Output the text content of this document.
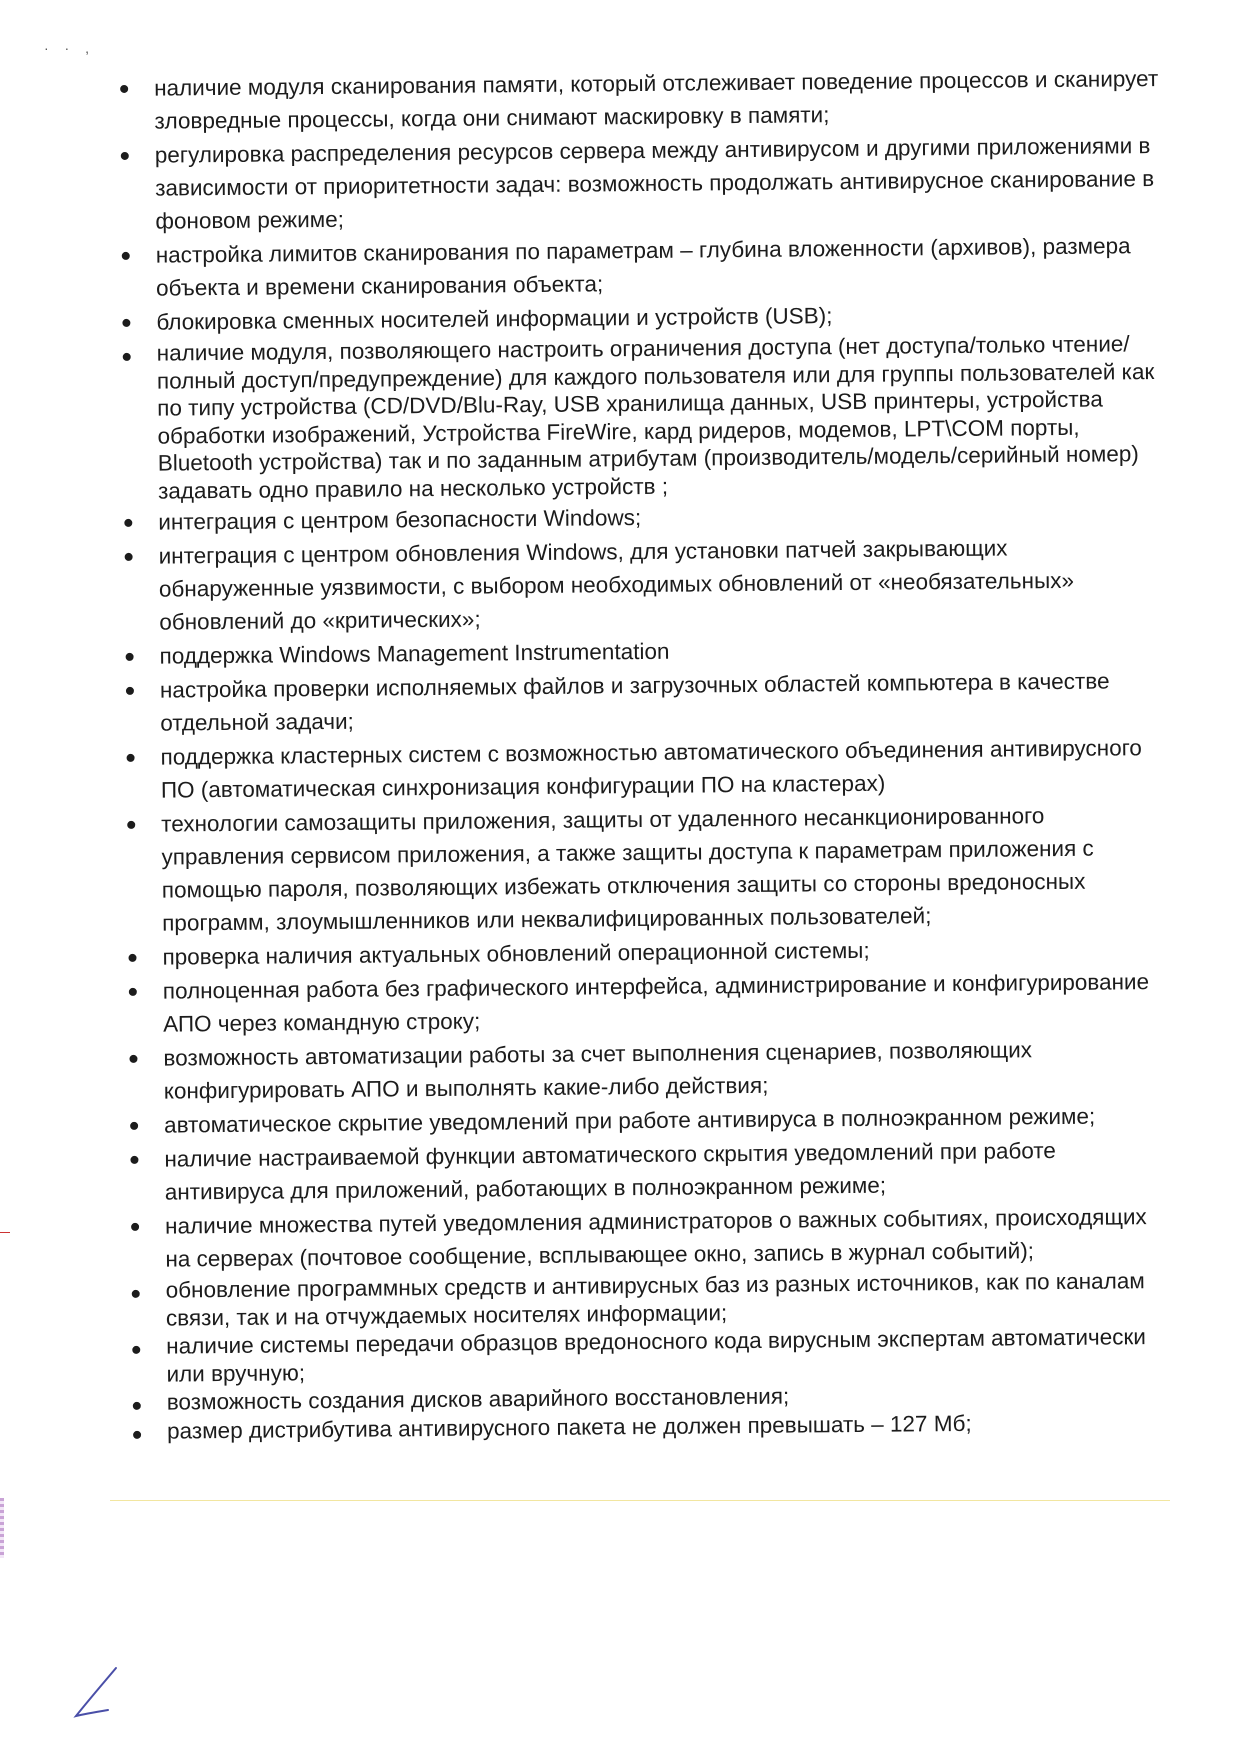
· · ,
наличие модуля сканирования памяти, который отслеживает поведение процессов и сканирует зловредные процессы, когда они снимают маскировку в памяти;
регулировка распределения ресурсов сервера между антивирусом и другими приложениями в зависимости от приоритетности задач: возможность продолжать антивирусное сканирование в фоновом режиме;
настройка лимитов сканирования по параметрам – глубина вложенности (архивов), размера объекта и времени сканирования объекта;
блокировка сменных носителей информации и устройств (USB);
наличие модуля, позволяющего настроить ограничения доступа (нет доступа/только чтение/полный доступ/предупреждение) для каждого пользователя или для группы пользователей как по типу устройства (CD/DVD/Blu-Ray, USB хранилища данных, USB принтеры, устройства обработки изображений, Устройства FireWire, кард ридеров, модемов, LPT\COM порты, Bluetooth устройства) так и по заданным атрибутам (производитель/модель/серийный номер) задавать одно правило на несколько устройств ;
интеграция с центром безопасности Windows;
интеграция с центром обновления Windows, для установки патчей закрывающих обнаруженные уязвимости, с выбором необходимых обновлений от «необязательных» обновлений до «критических»;
поддержка Windows Management Instrumentation
настройка проверки исполняемых файлов и загрузочных областей компьютера в качестве отдельной задачи;
поддержка кластерных систем с возможностью автоматического объединения антивирусного ПО (автоматическая синхронизация конфигурации ПО на кластерах)
технологии самозащиты приложения, защиты от удаленного несанкционированного управления сервисом приложения, а также защиты доступа к параметрам приложения с помощью пароля, позволяющих избежать отключения защиты со стороны вредоносных программ, злоумышленников или неквалифицированных пользователей;
проверка наличия актуальных обновлений операционной системы;
полноценная работа без графического интерфейса, администрирование и конфигурирование АПО через командную строку;
возможность автоматизации работы за счет выполнения сценариев, позволяющих конфигурировать АПО и выполнять какие-либо действия;
автоматическое скрытие уведомлений при работе антивируса в полноэкранном режиме;
наличие настраиваемой функции автоматического скрытия уведомлений при работе антивируса для приложений, работающих в полноэкранном режиме;
наличие множества путей уведомления администраторов о важных событиях, происходящих на серверах (почтовое сообщение, всплывающее окно, запись в журнал событий);
обновление программных средств и антивирусных баз из разных источников, как по каналам связи, так и на отчуждаемых носителях информации;
наличие системы передачи образцов вредоносного кода вирусным экспертам автоматически или вручную;
возможность создания дисков аварийного восстановления;
размер дистрибутива антивирусного пакета не должен превышать – 127 Мб;
